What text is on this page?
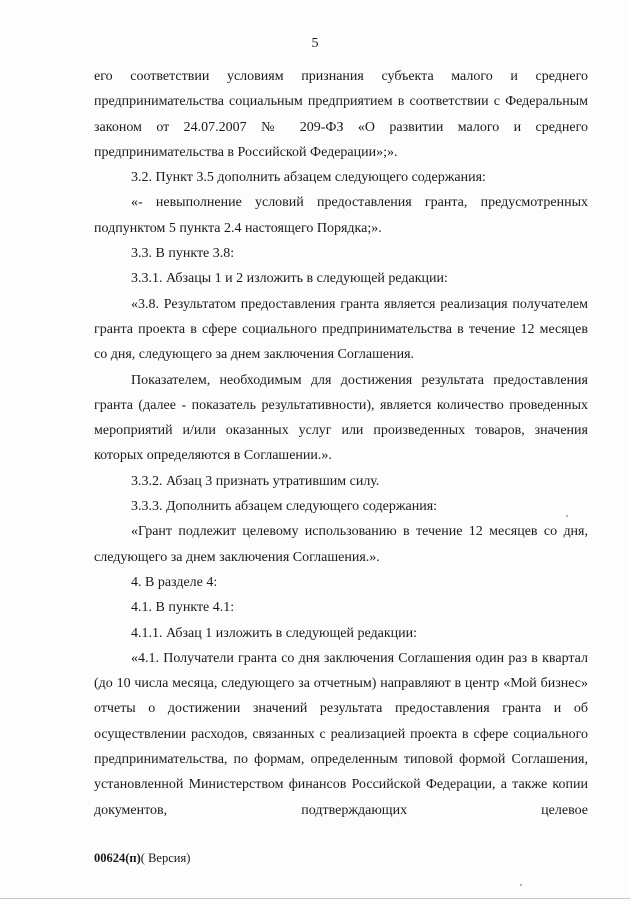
5

его соответствии условиям признания субъекта малого и среднего предпринимательства социальным предприятием в соответствии с Федеральным законом от 24.07.2007 № 209-ФЗ «О развитии малого и среднего предпринимательства в Российской Федерации»;».

3.2. Пункт 3.5 дополнить абзацем следующего содержания:

«- невыполнение условий предоставления гранта, предусмотренных подпунктом 5 пункта 2.4 настоящего Порядка;».

3.3. В пункте 3.8:

3.3.1. Абзацы 1 и 2 изложить в следующей редакции:

«3.8. Результатом предоставления гранта является реализация получателем гранта проекта в сфере социального предпринимательства в течение 12 месяцев со дня, следующего за днем заключения Соглашения.

Показателем, необходимым для достижения результата предоставления гранта (далее - показатель результативности), является количество проведенных мероприятий и/или оказанных услуг или произведенных товаров, значения которых определяются в Соглашении.».

3.3.2. Абзац 3 признать утратившим силу.

3.3.3. Дополнить абзацем следующего содержания:

«Грант подлежит целевому использованию в течение 12 месяцев со дня, следующего за днем заключения Соглашения.».

4. В разделе 4:

4.1. В пункте 4.1:

4.1.1. Абзац 1 изложить в следующей редакции:

«4.1. Получатели гранта со дня заключения Соглашения один раз в квартал (до 10 числа месяца, следующего за отчетным) направляют в центр «Мой бизнес» отчеты о достижении значений результата предоставления гранта и об осуществлении расходов, связанных с реализацией проекта в сфере социального предпринимательства, по формам, определенным типовой формой Соглашения, установленной Министерством финансов Российской Федерации, а также копии документов, подтверждающих целевое

00624(п)( Версия)
